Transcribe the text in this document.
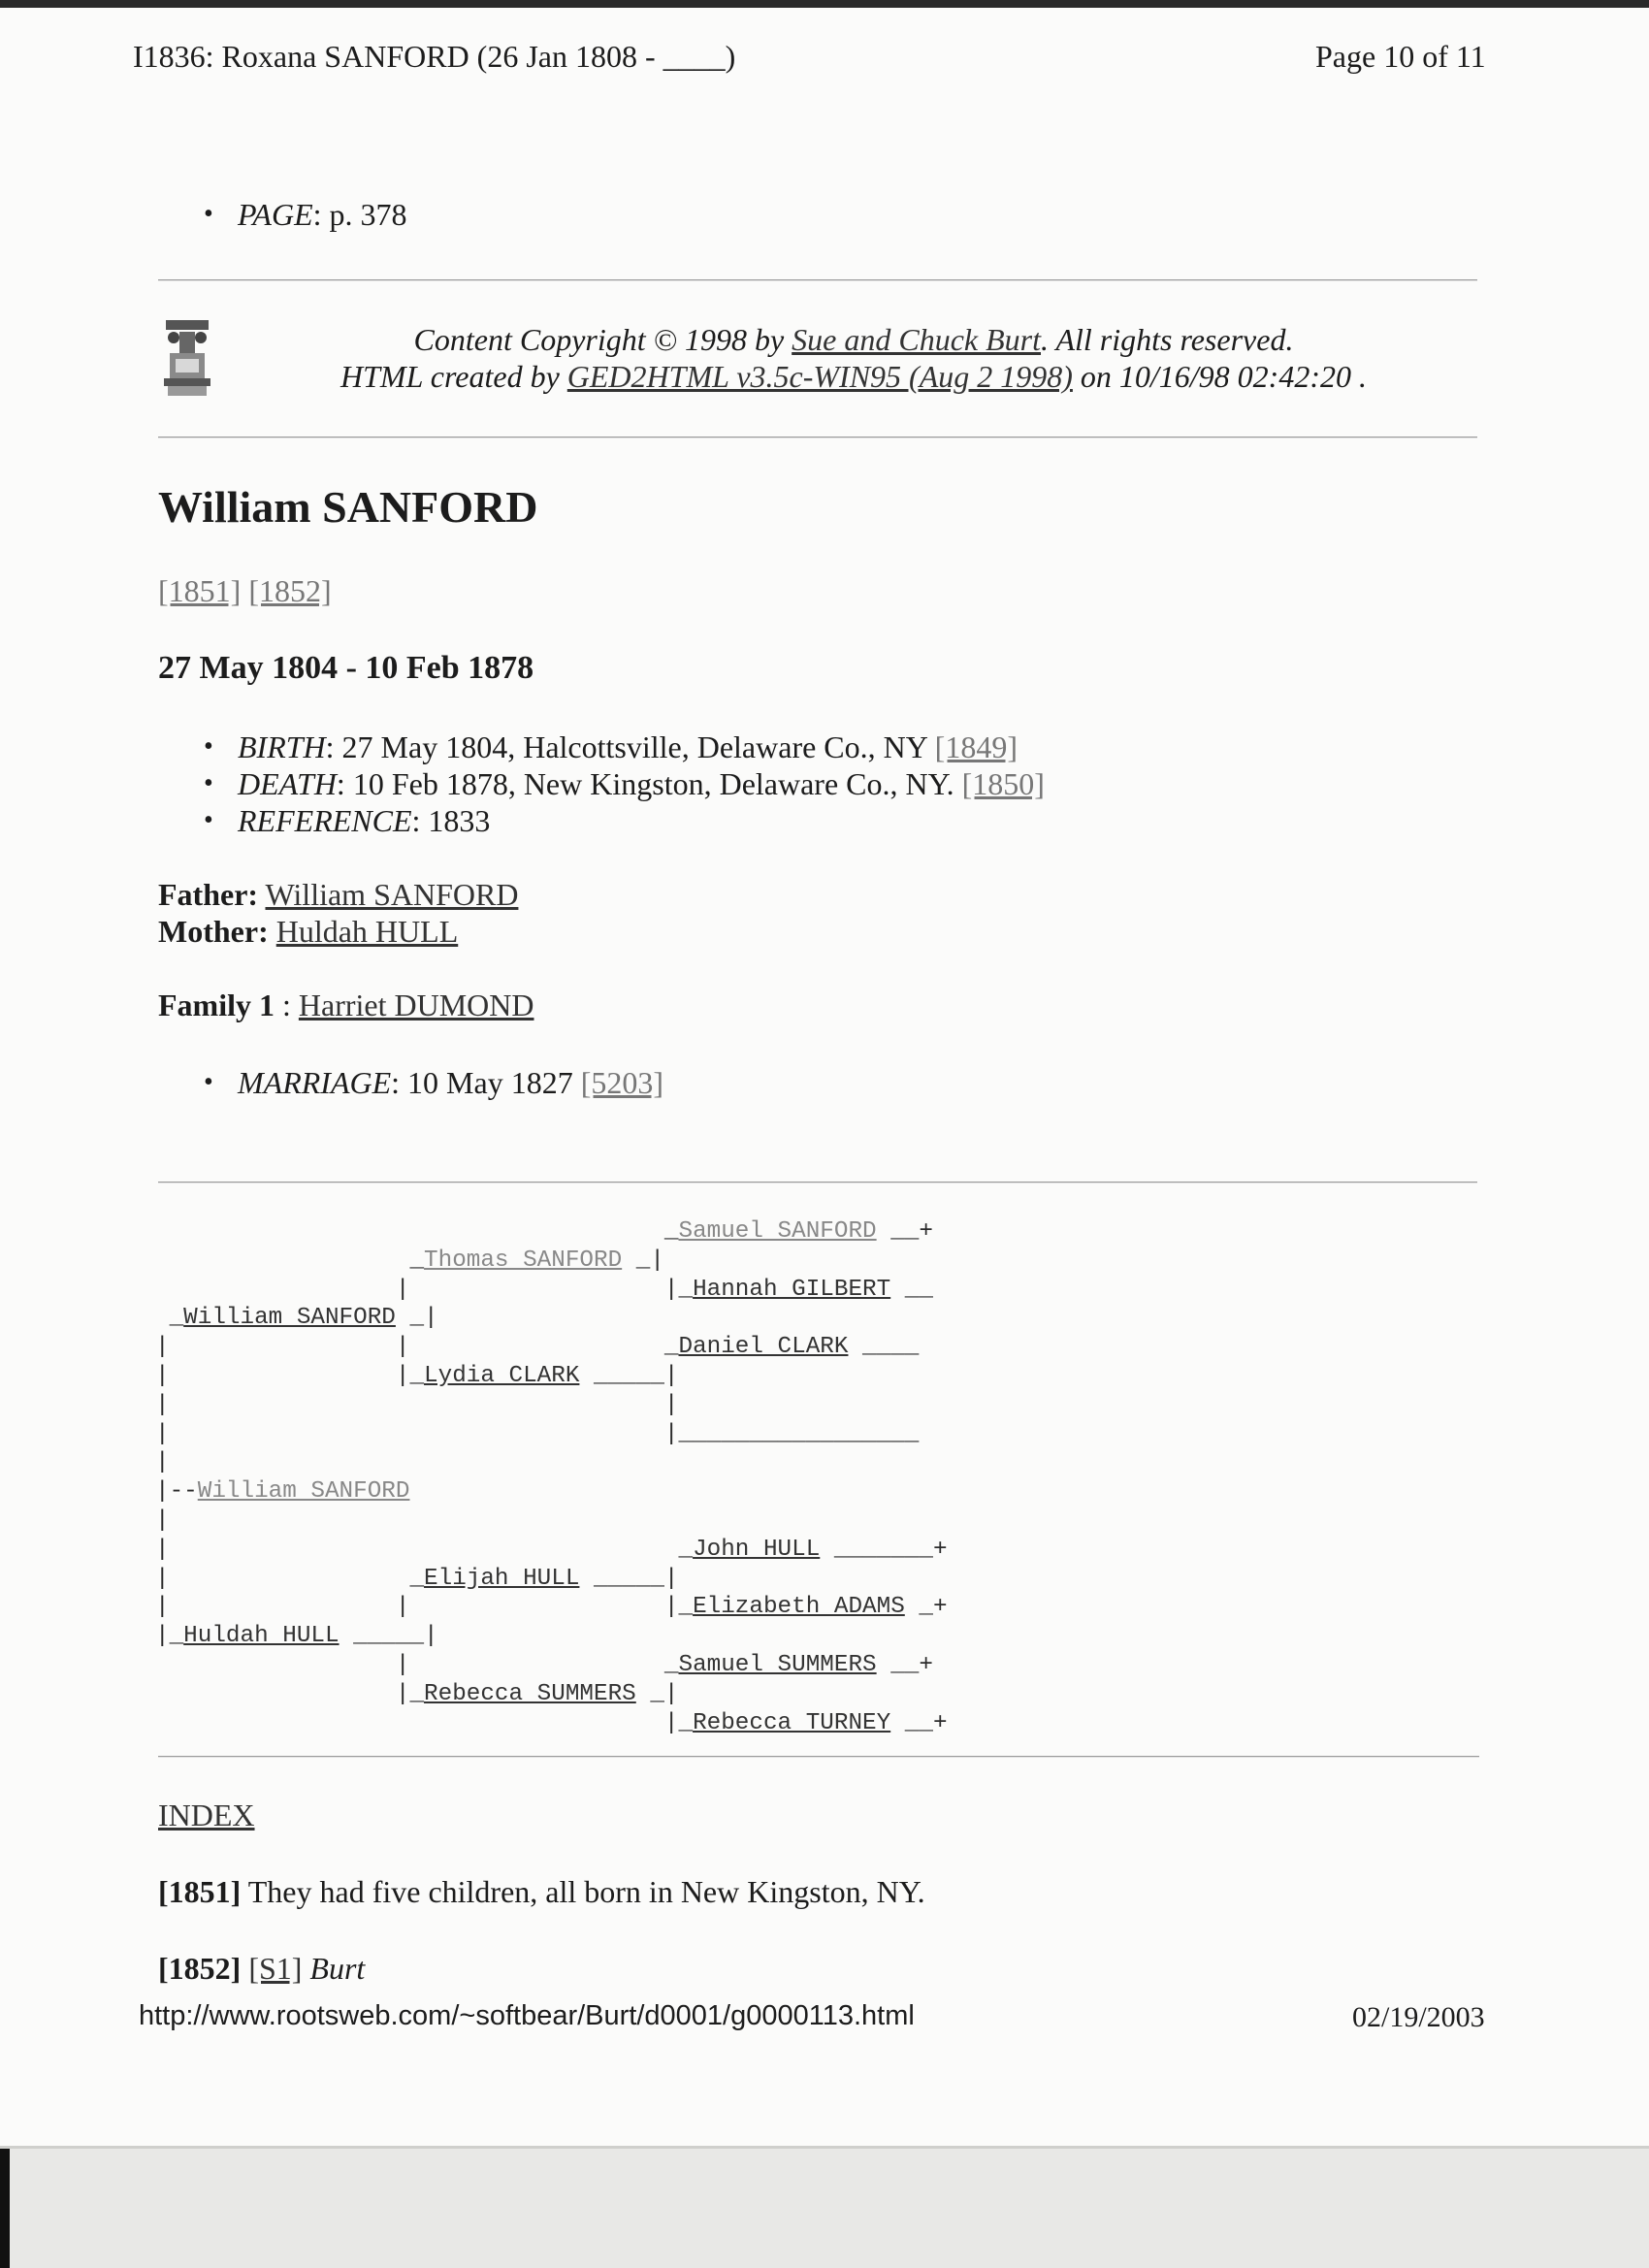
I1836: Roxana SANFORD (26 Jan 1808 - ____)	Page 10 of 11
• PAGE: p. 378
Content Copyright © 1998 by Sue and Chuck Burt. All rights reserved.
HTML created by GED2HTML v3.5c-WIN95 (Aug 2 1998) on 10/16/98 02:42:20 .
William SANFORD
[1851] [1852]
27 May 1804 - 10 Feb 1878
• BIRTH: 27 May 1804, Halcottsville, Delaware Co., NY [1849]
• DEATH: 10 Feb 1878, New Kingston, Delaware Co., NY. [1850]
• REFERENCE: 1833
Father: William SANFORD
Mother: Huldah HULL
Family 1 : Harriet DUMOND
• MARRIAGE: 10 May 1827 [5203]
_Samuel SANFORD __+
_Thomas SANFORD _|
|                  |_Hannah GILBERT __
_William SANFORD _|
|                |                  _Daniel CLARK ____
|                |_Lydia CLARK _____|
|                                   |
|                                   |_________________
|
|--William SANFORD
|
|                                    _John HULL _______+
|                 _Elijah HULL _____|
|                |                  |_Elizabeth ADAMS _+
|_Huldah HULL _____|
|                  _Samuel SUMMERS __+
|_Rebecca SUMMERS _|
|_Rebecca TURNEY __+
INDEX
[1851] They had five children, all born in New Kingston, NY.
[1852] [S1] Burt
http://www.rootsweb.com/~softbear/Burt/d0001/g0000113.html	02/19/2003
